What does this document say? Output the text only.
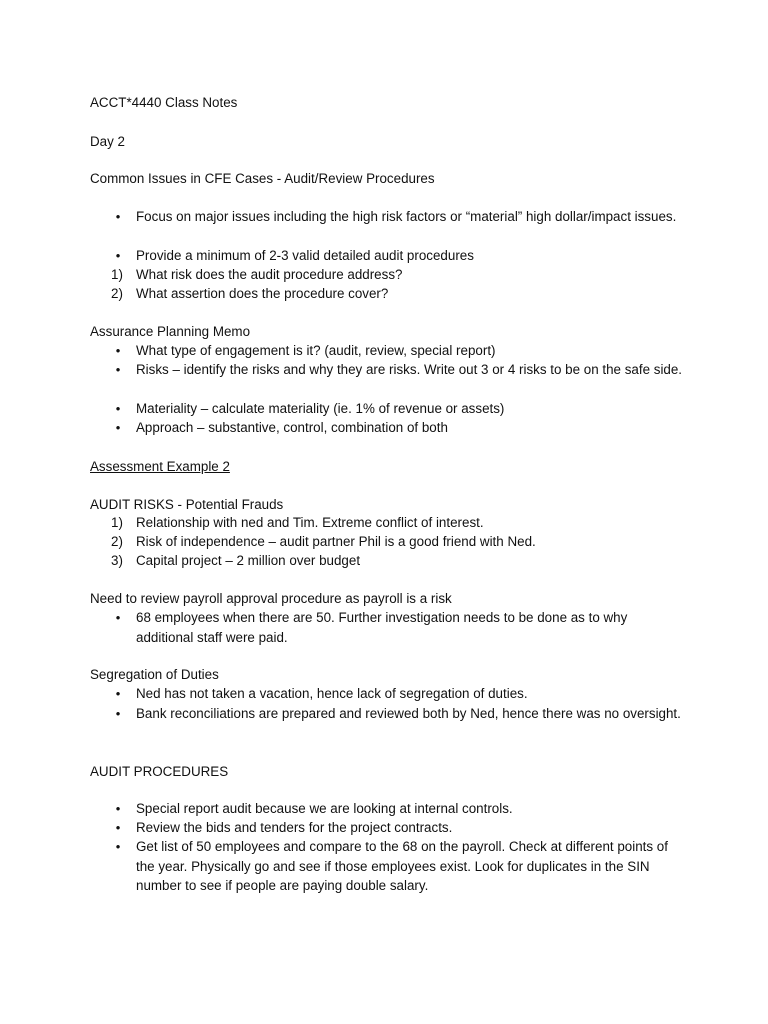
ACCT*4440 Class Notes
Day 2
Common Issues in CFE Cases - Audit/Review Procedures
•	Focus on major issues including the high risk factors or “material” high dollar/impact issues.
•	Provide a minimum of 2-3 valid detailed audit procedures
1) What risk does the audit procedure address?
2) What assertion does the procedure cover?
Assurance Planning Memo
•	What type of engagement is it? (audit, review, special report)
•	Risks – identify the risks and why they are risks. Write out 3 or 4 risks to be on the safe side.
•	Materiality – calculate materiality (ie. 1% of revenue or assets)
•	Approach – substantive, control, combination of both
Assessment Example 2
AUDIT RISKS - Potential Frauds
1) Relationship with ned and Tim. Extreme conflict of interest.
2) Risk of independence – audit partner Phil is a good friend with Ned.
3) Capital project – 2 million over budget
Need to review payroll approval procedure as payroll is a risk
•	68 employees when there are 50. Further investigation needs to be done as to why additional staff were paid.
Segregation of Duties
•	Ned has not taken a vacation, hence lack of segregation of duties.
•	Bank reconciliations are prepared and reviewed both by Ned, hence there was no oversight.
AUDIT PROCEDURES
•	Special report audit because we are looking at internal controls.
•	Review the bids and tenders for the project contracts.
•	Get list of 50 employees and compare to the 68 on the payroll. Check at different points of the year. Physically go and see if those employees exist. Look for duplicates in the SIN number to see if people are paying double salary.
